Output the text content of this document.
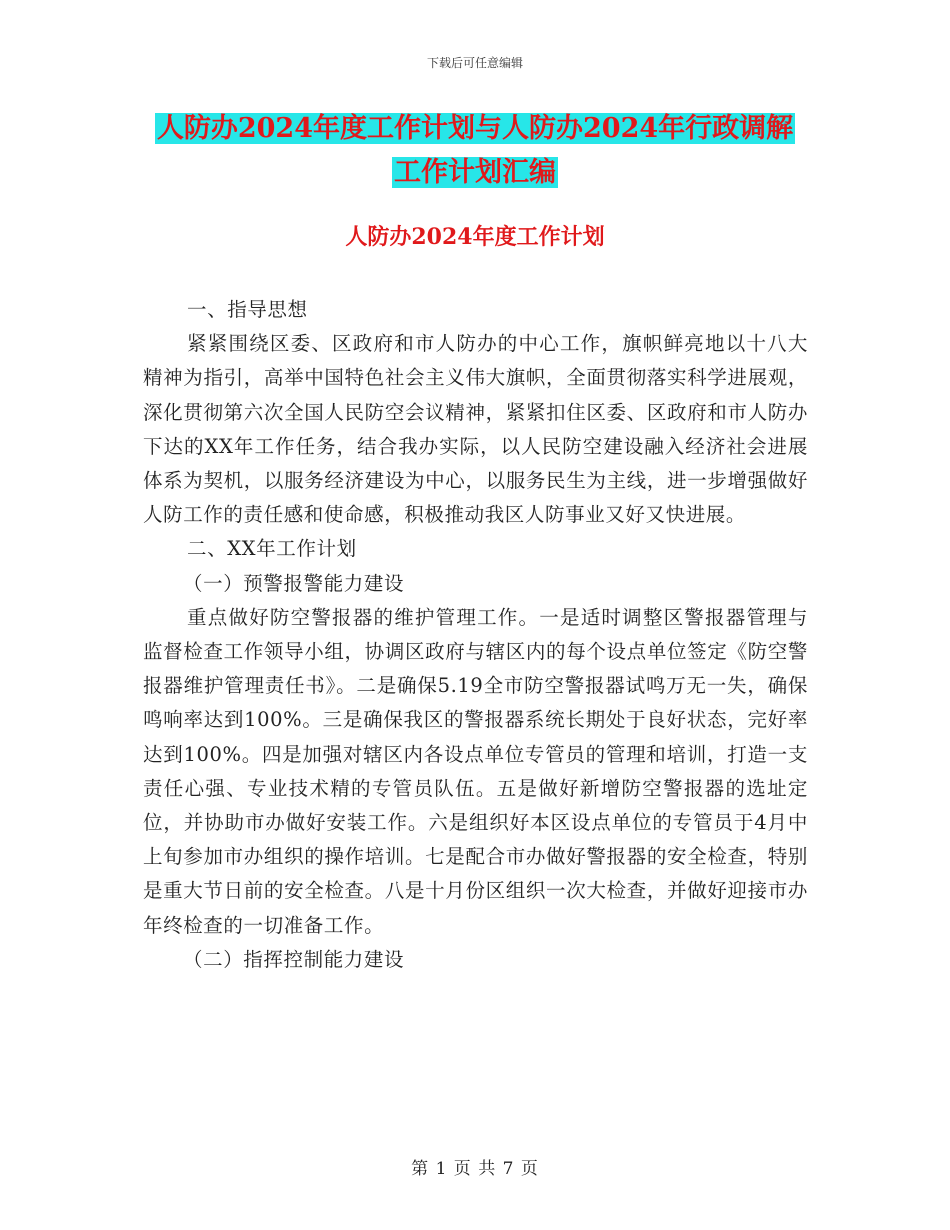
下载后可任意编辑
人防办2024年度工作计划与人防办2024年行政调解
工作计划汇编
人防办2024年度工作计划

一、指导思想

紧紧围绕区委、区政府和市人防办的中心工作，旗帜鲜亮地以十八大精神为指引，高举中国特色社会主义伟大旗帜，全面贯彻落实科学进展观，深化贯彻第六次全国人民防空会议精神，紧紧扣住区委、区政府和市人防办下达的XX年工作任务，结合我办实际，以人民防空建设融入经济社会进展体系为契机，以服务经济建设为中心，以服务民生为主线，进一步增强做好人防工作的责任感和使命感，积极推动我区人防事业又好又快进展。

二、XX年工作计划

（一）预警报警能力建设

重点做好防空警报器的维护管理工作。一是适时调整区警报器管理与监督检查工作领导小组，协调区政府与辖区内的每个设点单位签定《防空警报器维护管理责任书》。二是确保5.19全市防空警报器试鸣万无一失，确保鸣响率达到100%。三是确保我区的警报器系统长期处于良好状态，完好率达到100%。四是加强对辖区内各设点单位专管员的管理和培训，打造一支责任心强、专业技术精的专管员队伍。五是做好新增防空警报器的选址定位，并协助市办做好安装工作。六是组织好本区设点单位的专管员于4月中上旬参加市办组织的操作培训。七是配合市办做好警报器的安全检查，特别是重大节日前的安全检查。八是十月份区组织一次大检查，并做好迎接市办年终检查的一切准备工作。

（二）指挥控制能力建设

第 1 页 共 7 页
